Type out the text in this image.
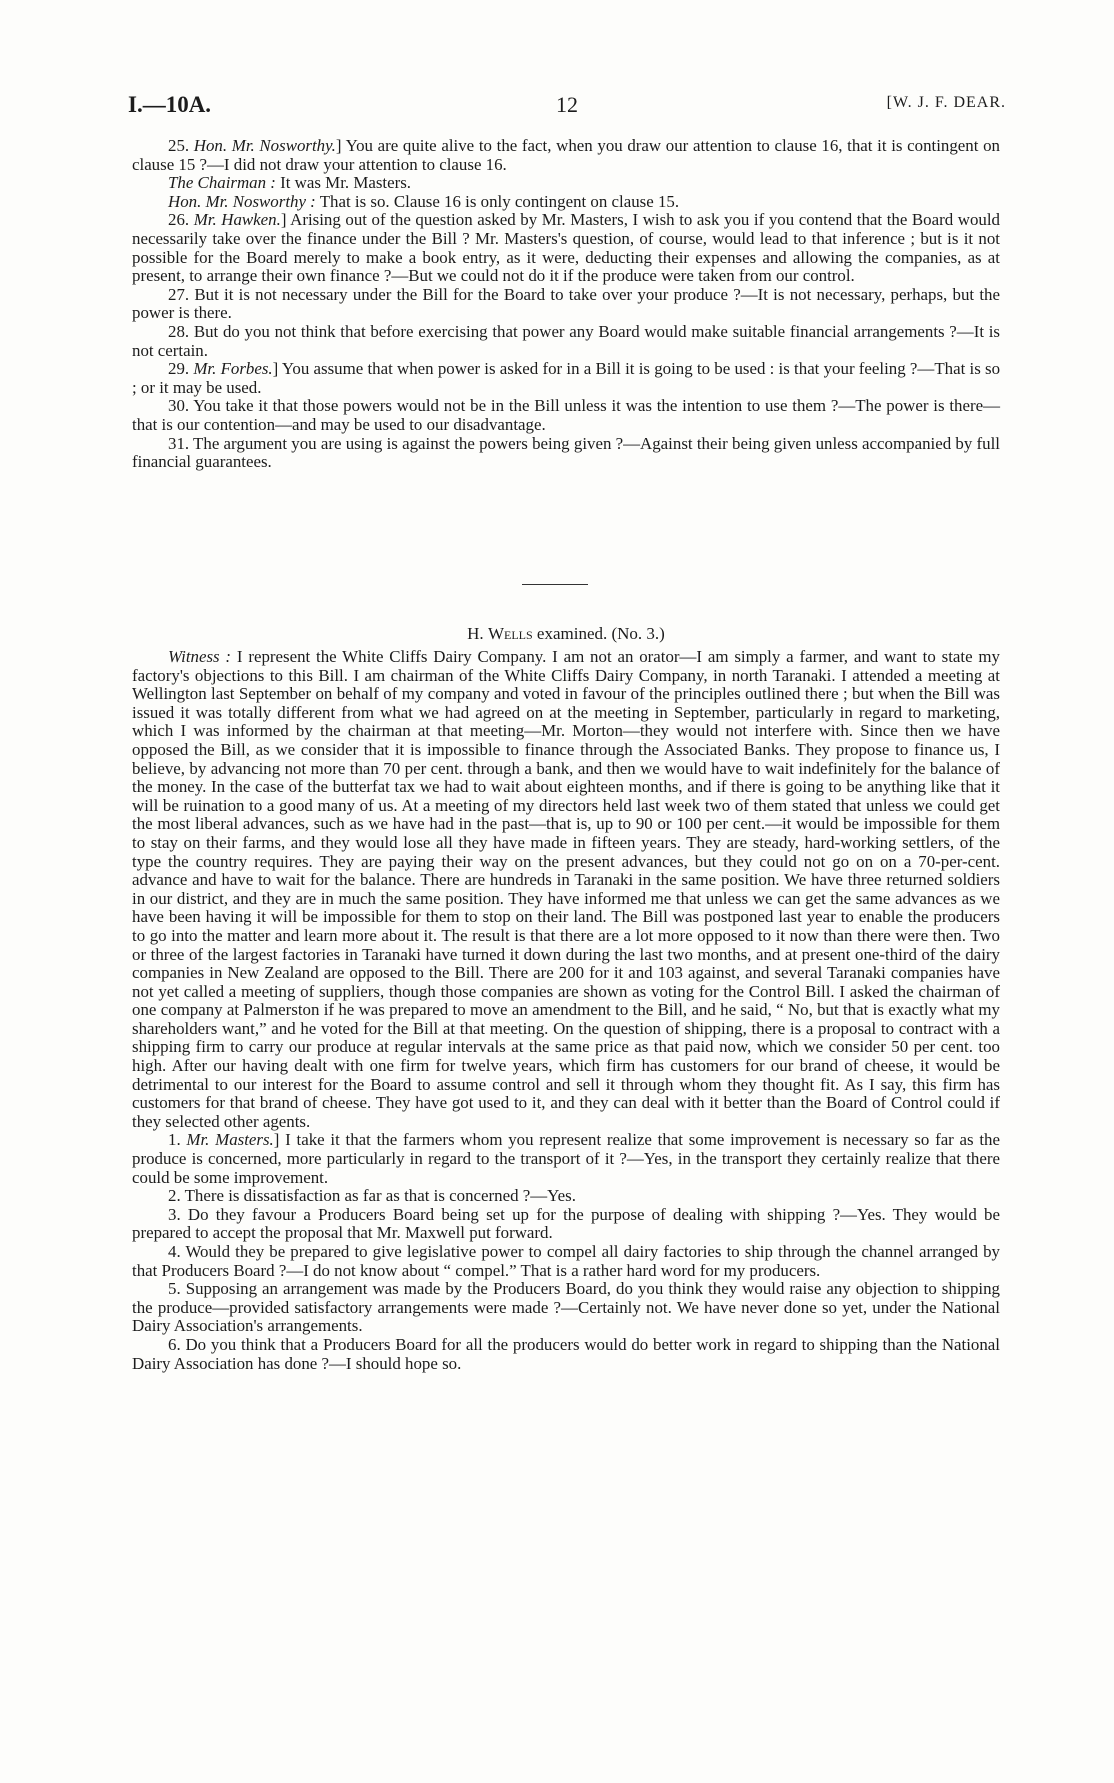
I.—10A.	12	[W. J. F. DEAR.

25. Hon. Mr. Nosworthy.] You are quite alive to the fact, when you draw our attention to clause 16, that it is contingent on clause 15 ?—I did not draw your attention to clause 16.

The Chairman : It was Mr. Masters.

Hon. Mr. Nosworthy : That is so. Clause 16 is only contingent on clause 15.

26. Mr. Hawken.] Arising out of the question asked by Mr. Masters, I wish to ask you if you contend that the Board would necessarily take over the finance under the Bill ? Mr. Masters's question, of course, would lead to that inference ; but is it not possible for the Board merely to make a book entry, as it were, deducting their expenses and allowing the companies, as at present, to arrange their own finance ?—But we could not do it if the produce were taken from our control.

27. But it is not necessary under the Bill for the Board to take over your produce ?—It is not necessary, perhaps, but the power is there.

28. But do you not think that before exercising that power any Board would make suitable financial arrangements ?—It is not certain.

29. Mr. Forbes.] You assume that when power is asked for in a Bill it is going to be used : is that your feeling ?—That is so ; or it may be used.

30. You take it that those powers would not be in the Bill unless it was the intention to use them ?—The power is there—that is our contention—and may be used to our disadvantage.

31. The argument you are using is against the powers being given ?—Against their being given unless accompanied by full financial guarantees.

H. Wells examined. (No. 3.)

Witness : I represent the White Cliffs Dairy Company. I am not an orator—I am simply a farmer, and want to state my factory's objections to this Bill. I am chairman of the White Cliffs Dairy Company, in north Taranaki. I attended a meeting at Wellington last September on behalf of my company and voted in favour of the principles outlined there ; but when the Bill was issued it was totally different from what we had agreed on at the meeting in September, particularly in regard to marketing, which I was informed by the chairman at that meeting—Mr. Morton—they would not interfere with. Since then we have opposed the Bill, as we consider that it is impossible to finance through the Associated Banks. They propose to finance us, I believe, by advancing not more than 70 per cent. through a bank, and then we would have to wait indefinitely for the balance of the money. In the case of the butterfat tax we had to wait about eighteen months, and if there is going to be anything like that it will be ruination to a good many of us. At a meeting of my directors held last week two of them stated that unless we could get the most liberal advances, such as we have had in the past—that is, up to 90 or 100 per cent.—it would be impossible for them to stay on their farms, and they would lose all they have made in fifteen years. They are steady, hard-working settlers, of the type the country requires. They are paying their way on the present advances, but they could not go on on a 70-per-cent. advance and have to wait for the balance. There are hundreds in Taranaki in the same position. We have three returned soldiers in our district, and they are in much the same position. They have informed me that unless we can get the same advances as we have been having it will be impossible for them to stop on their land. The Bill was postponed last year to enable the producers to go into the matter and learn more about it. The result is that there are a lot more opposed to it now than there were then. Two or three of the largest factories in Taranaki have turned it down during the last two months, and at present one-third of the dairy companies in New Zealand are opposed to the Bill. There are 200 for it and 103 against, and several Taranaki companies have not yet called a meeting of suppliers, though those companies are shown as voting for the Control Bill. I asked the chairman of one company at Palmerston if he was prepared to move an amendment to the Bill, and he said, “ No, but that is exactly what my shareholders want,” and he voted for the Bill at that meeting. On the question of shipping, there is a proposal to contract with a shipping firm to carry our produce at regular intervals at the same price as that paid now, which we consider 50 per cent. too high. After our having dealt with one firm for twelve years, which firm has customers for our brand of cheese, it would be detrimental to our interest for the Board to assume control and sell it through whom they thought fit. As I say, this firm has customers for that brand of cheese. They have got used to it, and they can deal with it better than the Board of Control could if they selected other agents.

1. Mr. Masters.] I take it that the farmers whom you represent realize that some improvement is necessary so far as the produce is concerned, more particularly in regard to the transport of it ?—Yes, in the transport they certainly realize that there could be some improvement.

2. There is dissatisfaction as far as that is concerned ?—Yes.

3. Do they favour a Producers Board being set up for the purpose of dealing with shipping ?—Yes. They would be prepared to accept the proposal that Mr. Maxwell put forward.

4. Would they be prepared to give legislative power to compel all dairy factories to ship through the channel arranged by that Producers Board ?—I do not know about “ compel.” That is a rather hard word for my producers.

5. Supposing an arrangement was made by the Producers Board, do you think they would raise any objection to shipping the produce—provided satisfactory arrangements were made ?—Certainly not. We have never done so yet, under the National Dairy Association's arrangements.

6. Do you think that a Producers Board for all the producers would do better work in regard to shipping than the National Dairy Association has done ?—I should hope so.
